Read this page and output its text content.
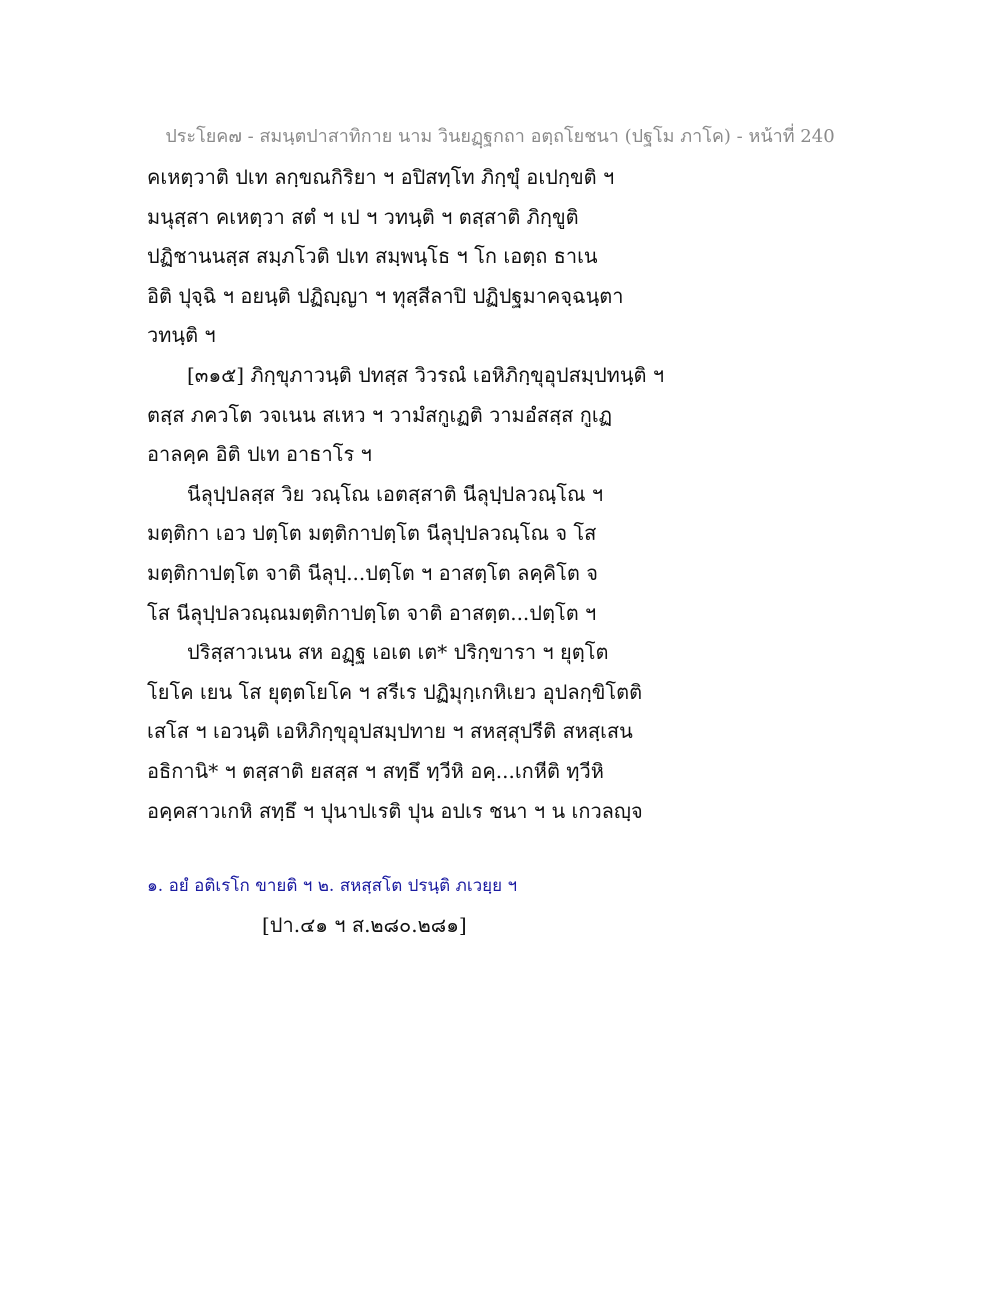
ประโยค๗ - สมนฺตปาสาทิกาย นาม วินยฏฺฐกถา อตฺถโยชนา (ปฐโม ภาโค) - หน้าที่ 240
คเหตฺวาติ ปเท ลกฺขณกิริยา ฯ อปิสทฺโท ภิกฺขุํ อเปกฺขติ ฯ
มนุสฺสา คเหตฺวา สตํ ฯ เป ฯ วทนฺติ ฯ ตสฺสาติ ภิกฺขูติ
ปฏิชานนสฺส สมฺภโวติ ปเท สมฺพนฺโธ ฯ โก เอตฺถ ธาเน
อิติ ปุจฺฉิ ฯ อยนฺติ ปฏิญฺญา ฯ ทุสฺสีลาปิ ปฏิปฐมาคจฺฉนฺตา
วทนฺติ ฯ
[๓๑๕] ภิกฺขุภาวนฺติ ปทสฺส วิวรณํ เอหิภิกฺขุอุปสมฺปทนฺติ ฯ
ตสฺส ภควโต วจเนน สเหว ฯ วามํสกูเฏติ วามอํสสฺส กูเฏ
อาลคฺค อิติ ปเท อาธาโร ฯ
นีลุปฺปลสฺส วิย วณฺโณ เอตสฺสาติ นีลุปฺปลวณฺโณ ฯ
มตฺติกา เอว ปตฺโต มตฺติกาปตฺโต นีลุปฺปลวณฺโณ จ โส
มตฺติกาปตฺโต จาติ นีลุปฺ...ปตฺโต ฯ อาสตฺโต ลคฺคิโต จ
โส นีลุปฺปลวณฺณมตฺติกาปตฺโต จาติ อาสตฺต...ปตฺโต ฯ
ปริสฺสาวเนน สห อฏฺฐ เอเต เต* ปริกฺขารา ฯ ยุตฺโต
โยโค เยน โส ยุตฺตโยโค ฯ สรีเร ปฏิมุกฺเกหิเยว อุปลกฺขิโตติ
เสโส ฯ เอวนฺติ เอหิภิกฺขุอุปสมฺปทาย ฯ สหสฺสุปรีติ สหสฺเสน
อธิกานิ* ฯ ตสฺสาติ ยสสฺส ฯ สทฺธึ ทฺวีหิ อคฺ...เกหีติ ทฺวีหิ
อคฺคสาวเกหิ สทฺธึ ฯ ปุนาปเรติ ปุน อปเร ชนา ฯ น เกวลญฺจ
๑. อยํ อติเรโก ขายติ ฯ ๒. สหสฺสโต ปรนฺติ ภเวยฺย ฯ
[ปา.๔๑ ฯ ส.๒๘๐.๒๘๑]
